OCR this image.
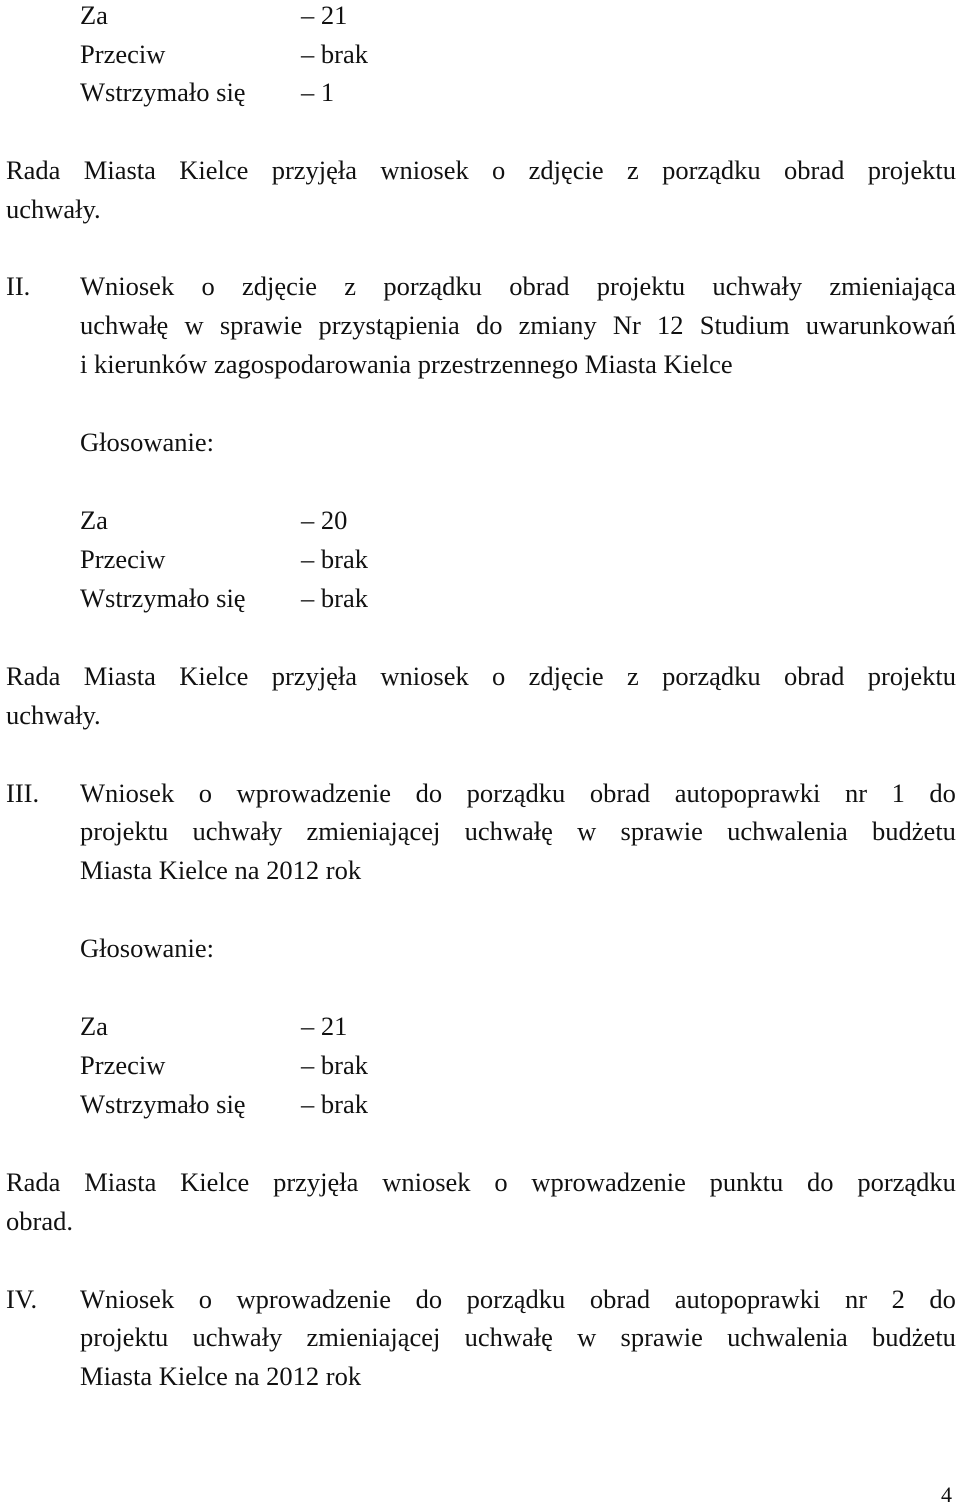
Za	– 21
Przeciw	– brak
Wstrzymało się – 1
Rada Miasta Kielce przyjęła wniosek o zdjęcie z porządku obrad projektu
uchwały.
II. Wniosek o zdjęcie z porządku obrad projektu uchwały zmieniająca
uchwałę w sprawie przystąpienia do zmiany Nr 12 Studium uwarunkowań
i kierunków zagospodarowania przestrzennego Miasta Kielce
Głosowanie:
Za	– 20
Przeciw	– brak
Wstrzymało się – brak
Rada Miasta Kielce przyjęła wniosek o zdjęcie z porządku obrad projektu
uchwały.
III. Wniosek o wprowadzenie do porządku obrad autopoprawki nr 1 do
projektu uchwały zmieniającej uchwałę w sprawie uchwalenia budżetu
Miasta Kielce na 2012 rok
Głosowanie:
Za	– 21
Przeciw	– brak
Wstrzymało się – brak
Rada Miasta Kielce przyjęła wniosek o wprowadzenie punktu do porządku
obrad.
IV. Wniosek o wprowadzenie do porządku obrad autopoprawki nr 2 do
projektu uchwały zmieniającej uchwałę w sprawie uchwalenia budżetu
Miasta Kielce na 2012 rok
4
